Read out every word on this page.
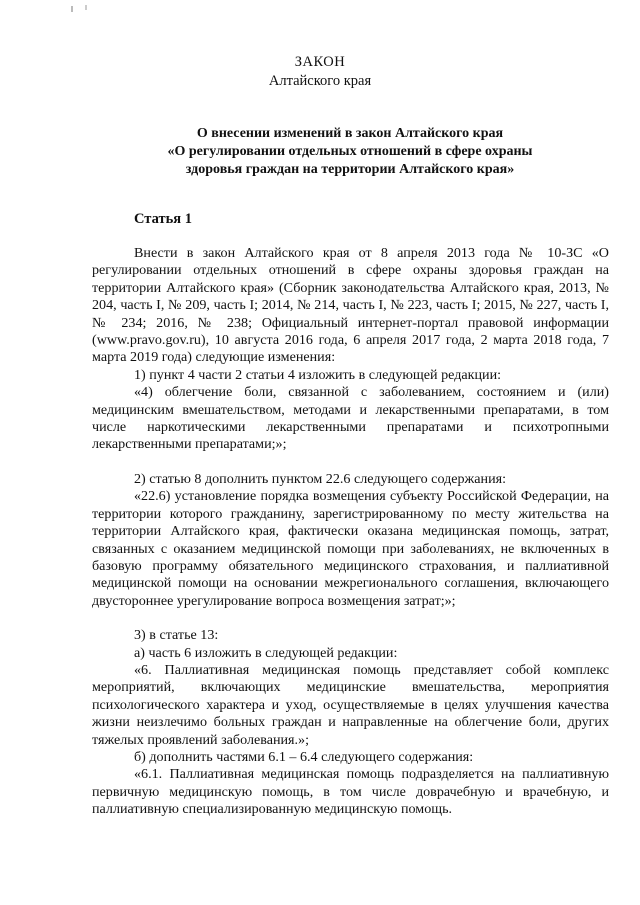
ЗАКОН
Алтайского края
О внесении изменений в закон Алтайского края
«О регулировании отдельных отношений в сфере охраны
здоровья граждан на территории Алтайского края»
Статья 1

Внести в закон Алтайского края от 8 апреля 2013 года № 10-ЗС «О регулировании отдельных отношений в сфере охраны здоровья граждан на территории Алтайского края» (Сборник законодательства Алтайского края, 2013, № 204, часть I, № 209, часть I; 2014, № 214, часть I, № 223, часть I; 2015, № 227, часть I, № 234; 2016, № 238; Официальный интернет-портал правовой информации (www.pravo.gov.ru), 10 августа 2016 года, 6 апреля 2017 года, 2 марта 2018 года, 7 марта 2019 года) следующие изменения:

1) пункт 4 части 2 статьи 4 изложить в следующей редакции:

«4) облегчение боли, связанной с заболеванием, состоянием и (или) медицинским вмешательством, методами и лекарственными препаратами, в том числе наркотическими лекарственными препаратами и психотропными лекарственными препаратами;»;

2) статью 8 дополнить пунктом 22.6 следующего содержания:

«22.6) установление порядка возмещения субъекту Российской Федерации, на территории которого гражданину, зарегистрированному по месту жительства на территории Алтайского края, фактически оказана медицинская помощь, затрат, связанных с оказанием медицинской помощи при заболеваниях, не включенных в базовую программу обязательного медицинского страхования, и паллиативной медицинской помощи на основании межрегионального соглашения, включающего двустороннее урегулирование вопроса возмещения затрат;»;

3) в статье 13:

а) часть 6 изложить в следующей редакции:

«6. Паллиативная медицинская помощь представляет собой комплекс мероприятий, включающих медицинские вмешательства, мероприятия психологического характера и уход, осуществляемые в целях улучшения качества жизни неизлечимо больных граждан и направленные на облегчение боли, других тяжелых проявлений заболевания.»;

б) дополнить частями 6.1 – 6.4 следующего содержания:

«6.1. Паллиативная медицинская помощь подразделяется на паллиативную первичную медицинскую помощь, в том числе доврачебную и врачебную, и паллиативную специализированную медицинскую помощь.
